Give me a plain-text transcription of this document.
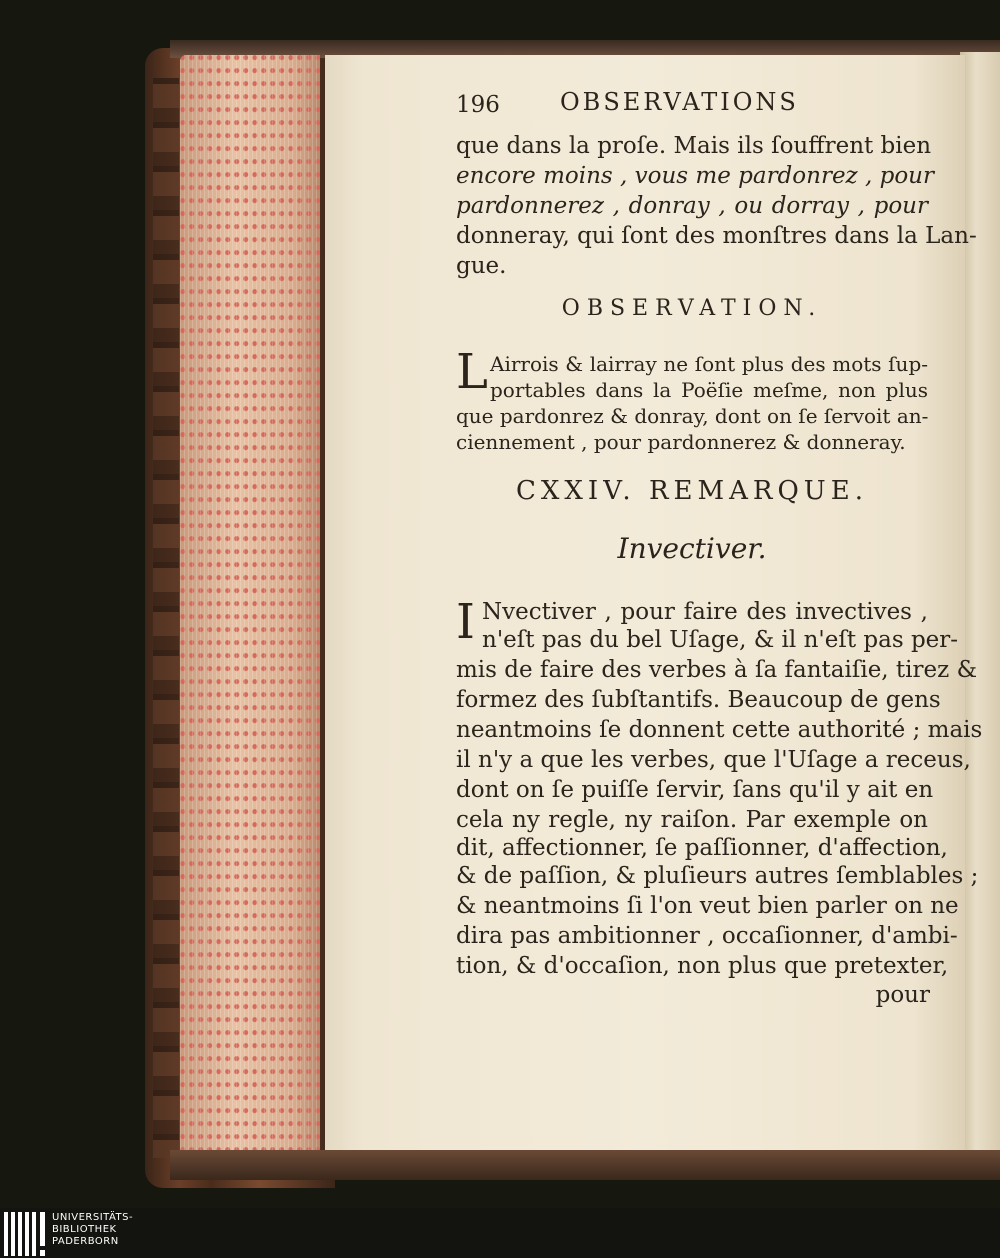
196	OBSERVATIONS
que dans la proſe. Mais ils ſouffrent bien
encore moins , vous me pardonrez , pour
pardonnerez , donray , ou dorray , pour
donneray, qui ſont des monſtres dans la Lan-
gue.
OBSERVATION.
L Airrois & lairray ne ſont plus des mots ſup-
portables dans la Poëſie meſme, non plus
que pardonrez & donray, dont on ſe ſervoit an-
ciennement , pour pardonnerez & donneray.
CXXIV. REMARQUE.
Invectiver.
I Nvectiver , pour faire des invectives ,
n'eſt pas du bel Uſage, & il n'eſt pas per-
mis de faire des verbes à ſa fantaiſie, tirez &
formez des ſubſtantifs. Beaucoup de gens
neantmoins ſe donnent cette authorité ; mais
il n'y a que les verbes, que l'Uſage a receus,
dont on ſe puiſſe ſervir, ſans qu'il y ait en
cela ny regle, ny raiſon. Par exemple on
dit, affectionner, ſe paſſionner, d'affection,
& de paſſion, & pluſieurs autres ſemblables ;
& neantmoins ſi l'on veut bien parler on ne
dira pas ambitionner , occaſionner, d'ambi-
tion, & d'occaſion, non plus que pretexter,
pour
UNIVERSITÄTS-
BIBLIOTHEK
PADERBORN
